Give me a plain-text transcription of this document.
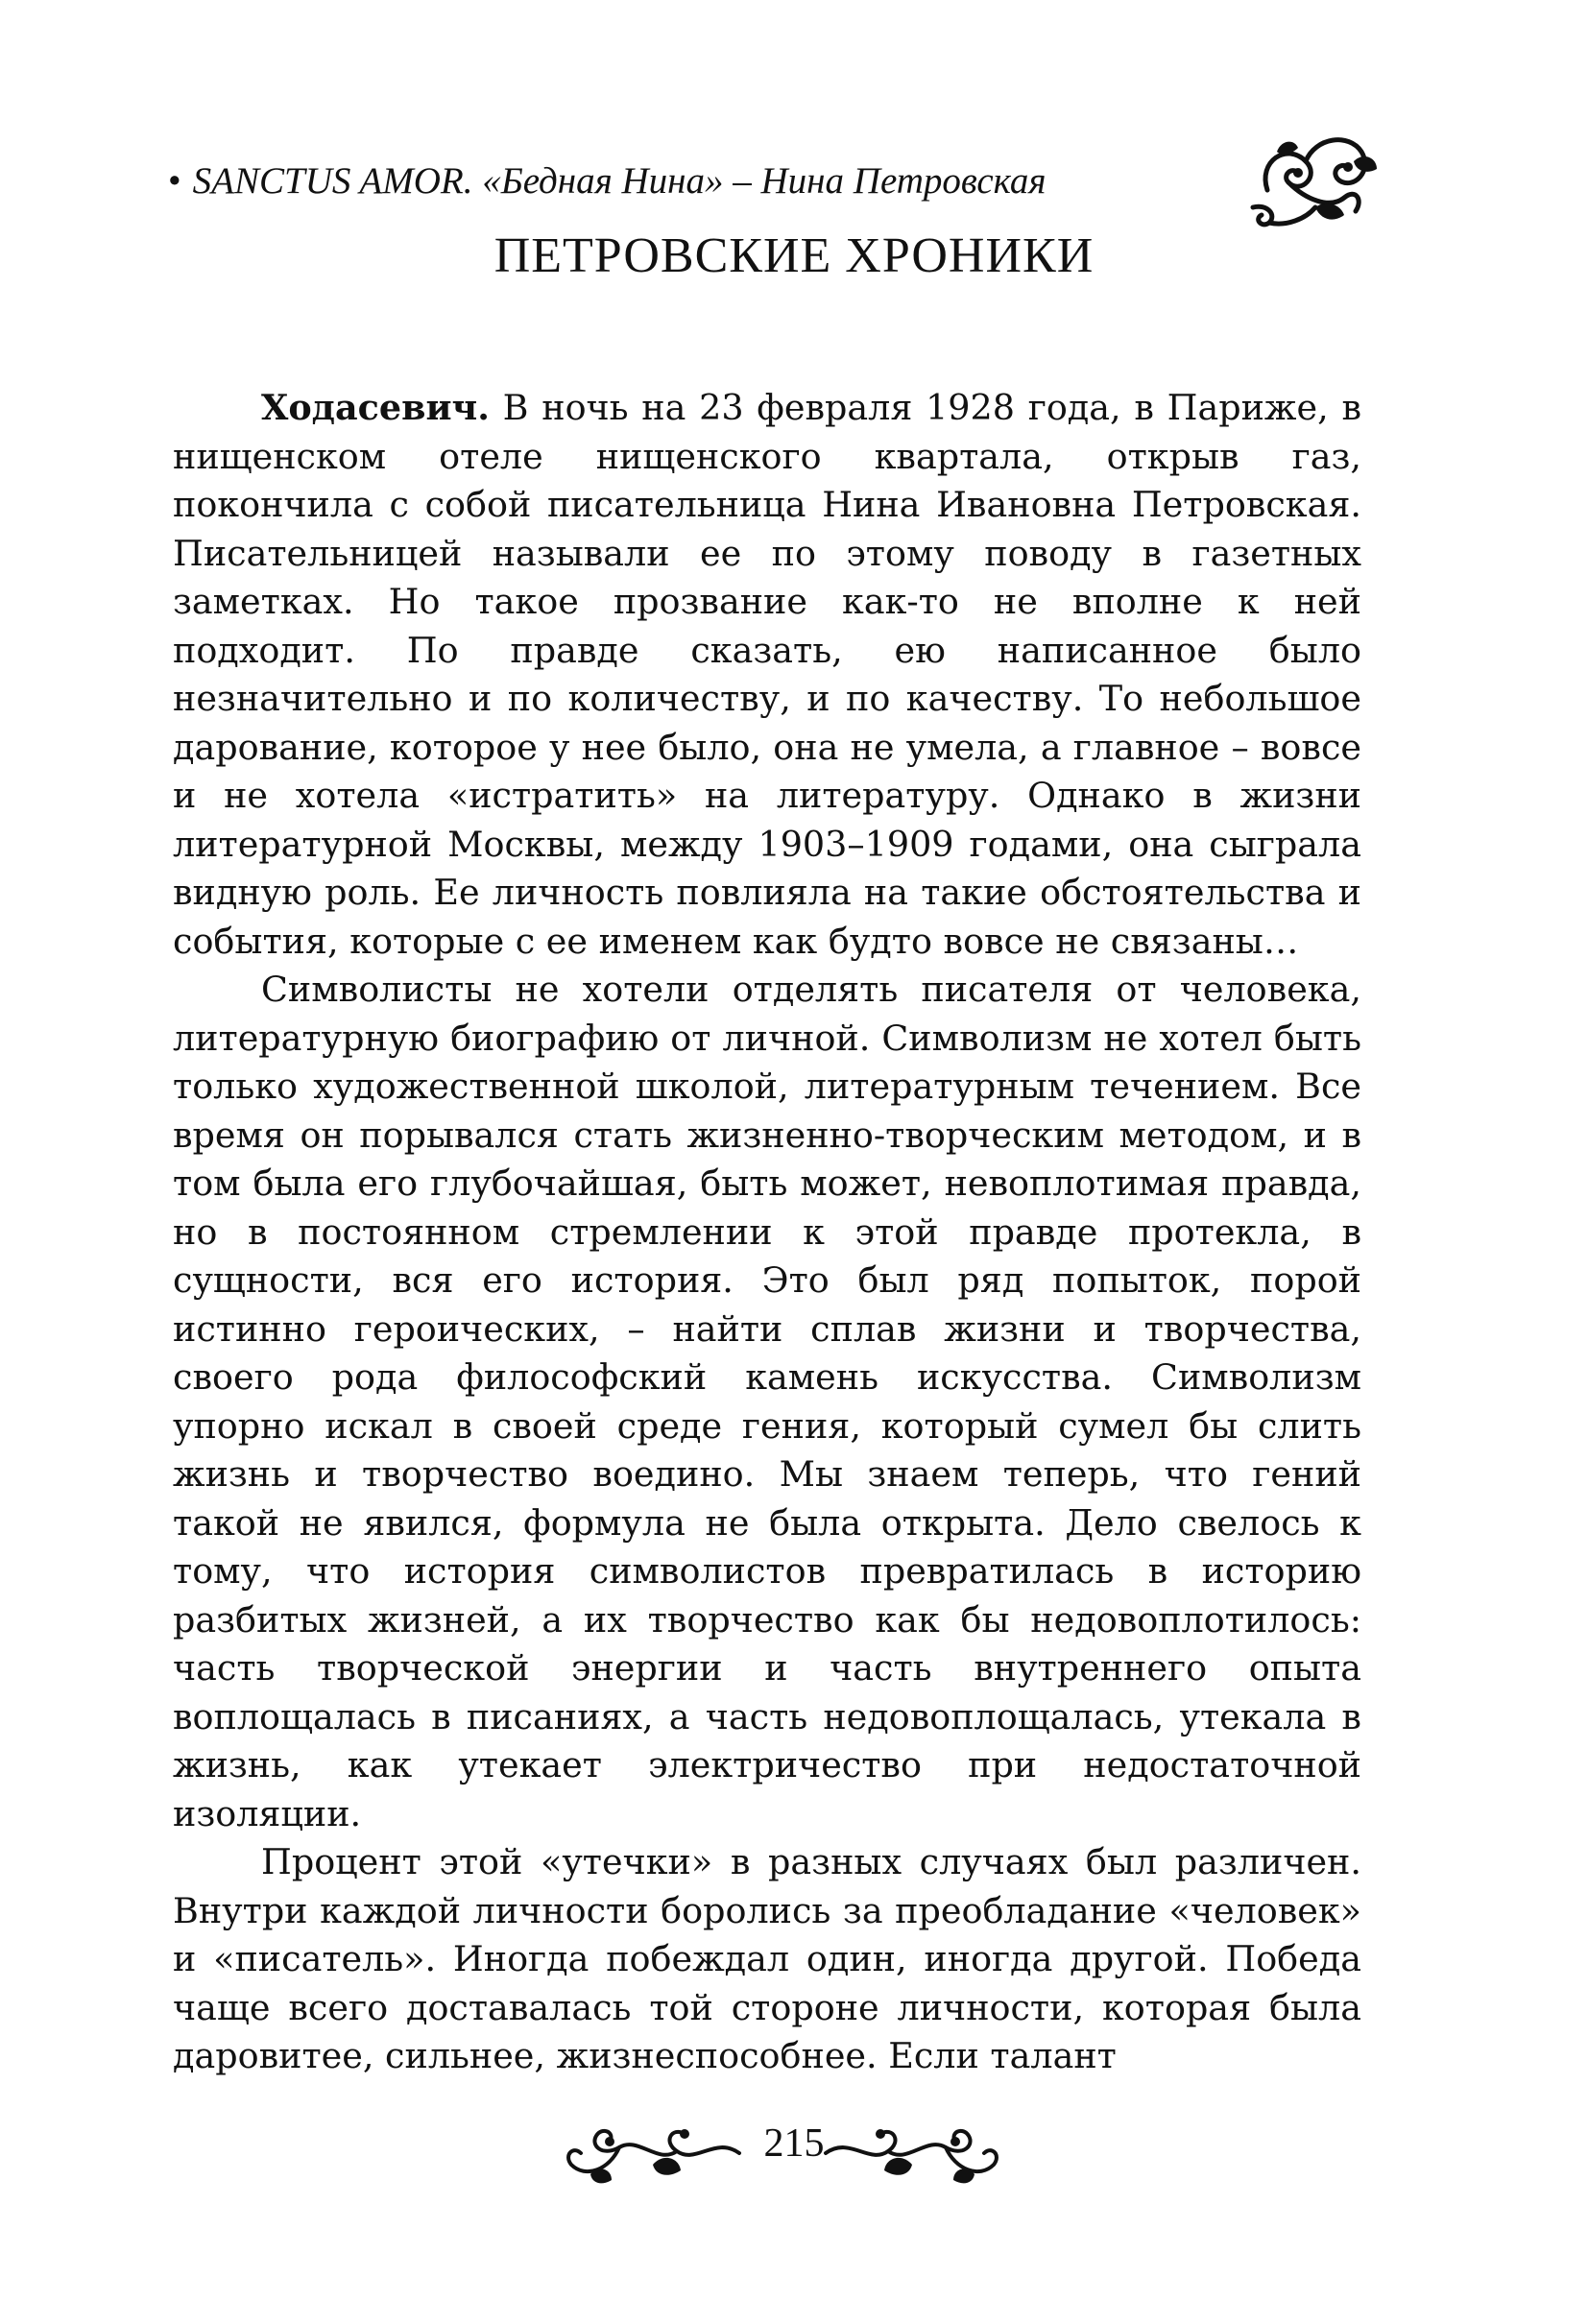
• SANCTUS AMOR. «Бедная Нина» – Нина Петровская
ПЕТРОВСКИЕ ХРОНИКИ

Ходасевич. В ночь на 23 февраля 1928 года, в Париже, в нищенском отеле нищенского квартала, открыв газ, покончила с собой писательница Нина Ивановна Петровская. Писательницей называли ее по этому поводу в газетных заметках. Но такое прозвание как-то не вполне к ней подходит. По правде сказать, ею написанное было незначительно и по количеству, и по качеству. То небольшое дарование, которое у нее было, она не умела, а главное – вовсе и не хотела «истратить» на литературу. Однако в жизни литературной Москвы, между 1903–1909 годами, она сыграла видную роль. Ее личность повлияла на такие обстоятельства и события, которые с ее именем как будто вовсе не связаны…

Символисты не хотели отделять писателя от человека, литературную биографию от личной. Символизм не хотел быть только художественной школой, литературным течением. Все время он порывался стать жизненно-творческим методом, и в том была его глубочайшая, быть может, невоплотимая правда, но в постоянном стремлении к этой правде протекла, в сущности, вся его история. Это был ряд попыток, порой истинно героических, – найти сплав жизни и творчества, своего рода философский камень искусства. Символизм упорно искал в своей среде гения, который сумел бы слить жизнь и творчество воедино. Мы знаем теперь, что гений такой не явился, формула не была открыта. Дело свелось к тому, что история символистов превратилась в историю разбитых жизней, а их творчество как бы недовоплотилось: часть творческой энергии и часть внутреннего опыта воплощалась в писаниях, а часть недовоплощалась, утекала в жизнь, как утекает электричество при недостаточной изоляции.

Процент этой «утечки» в разных случаях был различен. Внутри каждой личности боролись за преобладание «человек» и «писатель». Иногда побеждал один, иногда другой. Победа чаще всего доставалась той стороне личности, которая была даровитее, сильнее, жизнеспособнее. Если талант

215
